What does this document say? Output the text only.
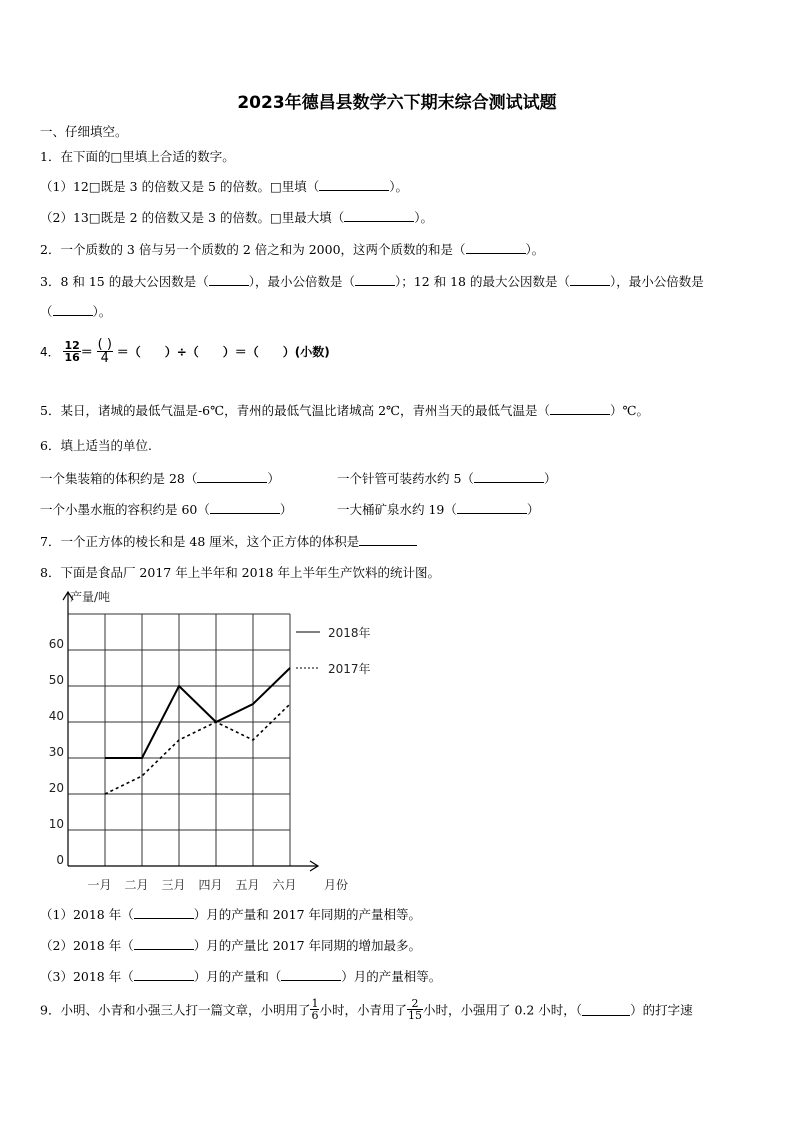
2023年德昌县数学六下期末综合测试试题
一、仔细填空。
1．在下面的□里填上合适的数字。
（1）12□既是 3 的倍数又是 5 的倍数。□里填（	）。
（2）13□既是 2 的倍数又是 3 的倍数。□里最大填（	）。
2．一个质数的 3 倍与另一个质数的 2 倍之和为 2000，这两个质数的和是（	）。
3．8 和 15 的最大公因数是（	），最小公倍数是（	）；12 和 18 的最大公因数是（	），最小公倍数是
（	）。
4． $\frac{12}{16} = \frac{( )}{4}$ ＝（　　）÷（　　）＝（　　）(小数)
5．某日，诸城的最低气温是-6℃，青州的最低气温比诸城高 2℃，青州当天的最低气温是（	）℃。
6．填上适当的单位.
一个集装箱的体积约是 28（	）	一个针管可装药水约 5（	）
一个小墨水瓶的容积约是 60（	）	一大桶矿泉水约 19（	）
7．一个正方体的棱长和是 48 厘米，这个正方体的体积是
8．下面是食品厂 2017 年上半年和 2018 年上半年生产饮料的统计图。
0
10
20
30
40
50
60
一月 二月 三月 四月 五月 六月
2018年
2017年
产量/吨
月份
（1）2018 年（	）月的产量和 2017 年同期的产量相等。
（2）2018 年（	）月的产量比 2017 年同期的增加最多。
（3）2018 年（	）月的产量和（	）月的产量相等。
9．小明、小青和小强三人打一篇文章，小明用了 $\frac{1}{6}$ 小时，小青用了 $\frac{2}{15}$ 小时，小强用了 0.2 小时，（	）的打字速
